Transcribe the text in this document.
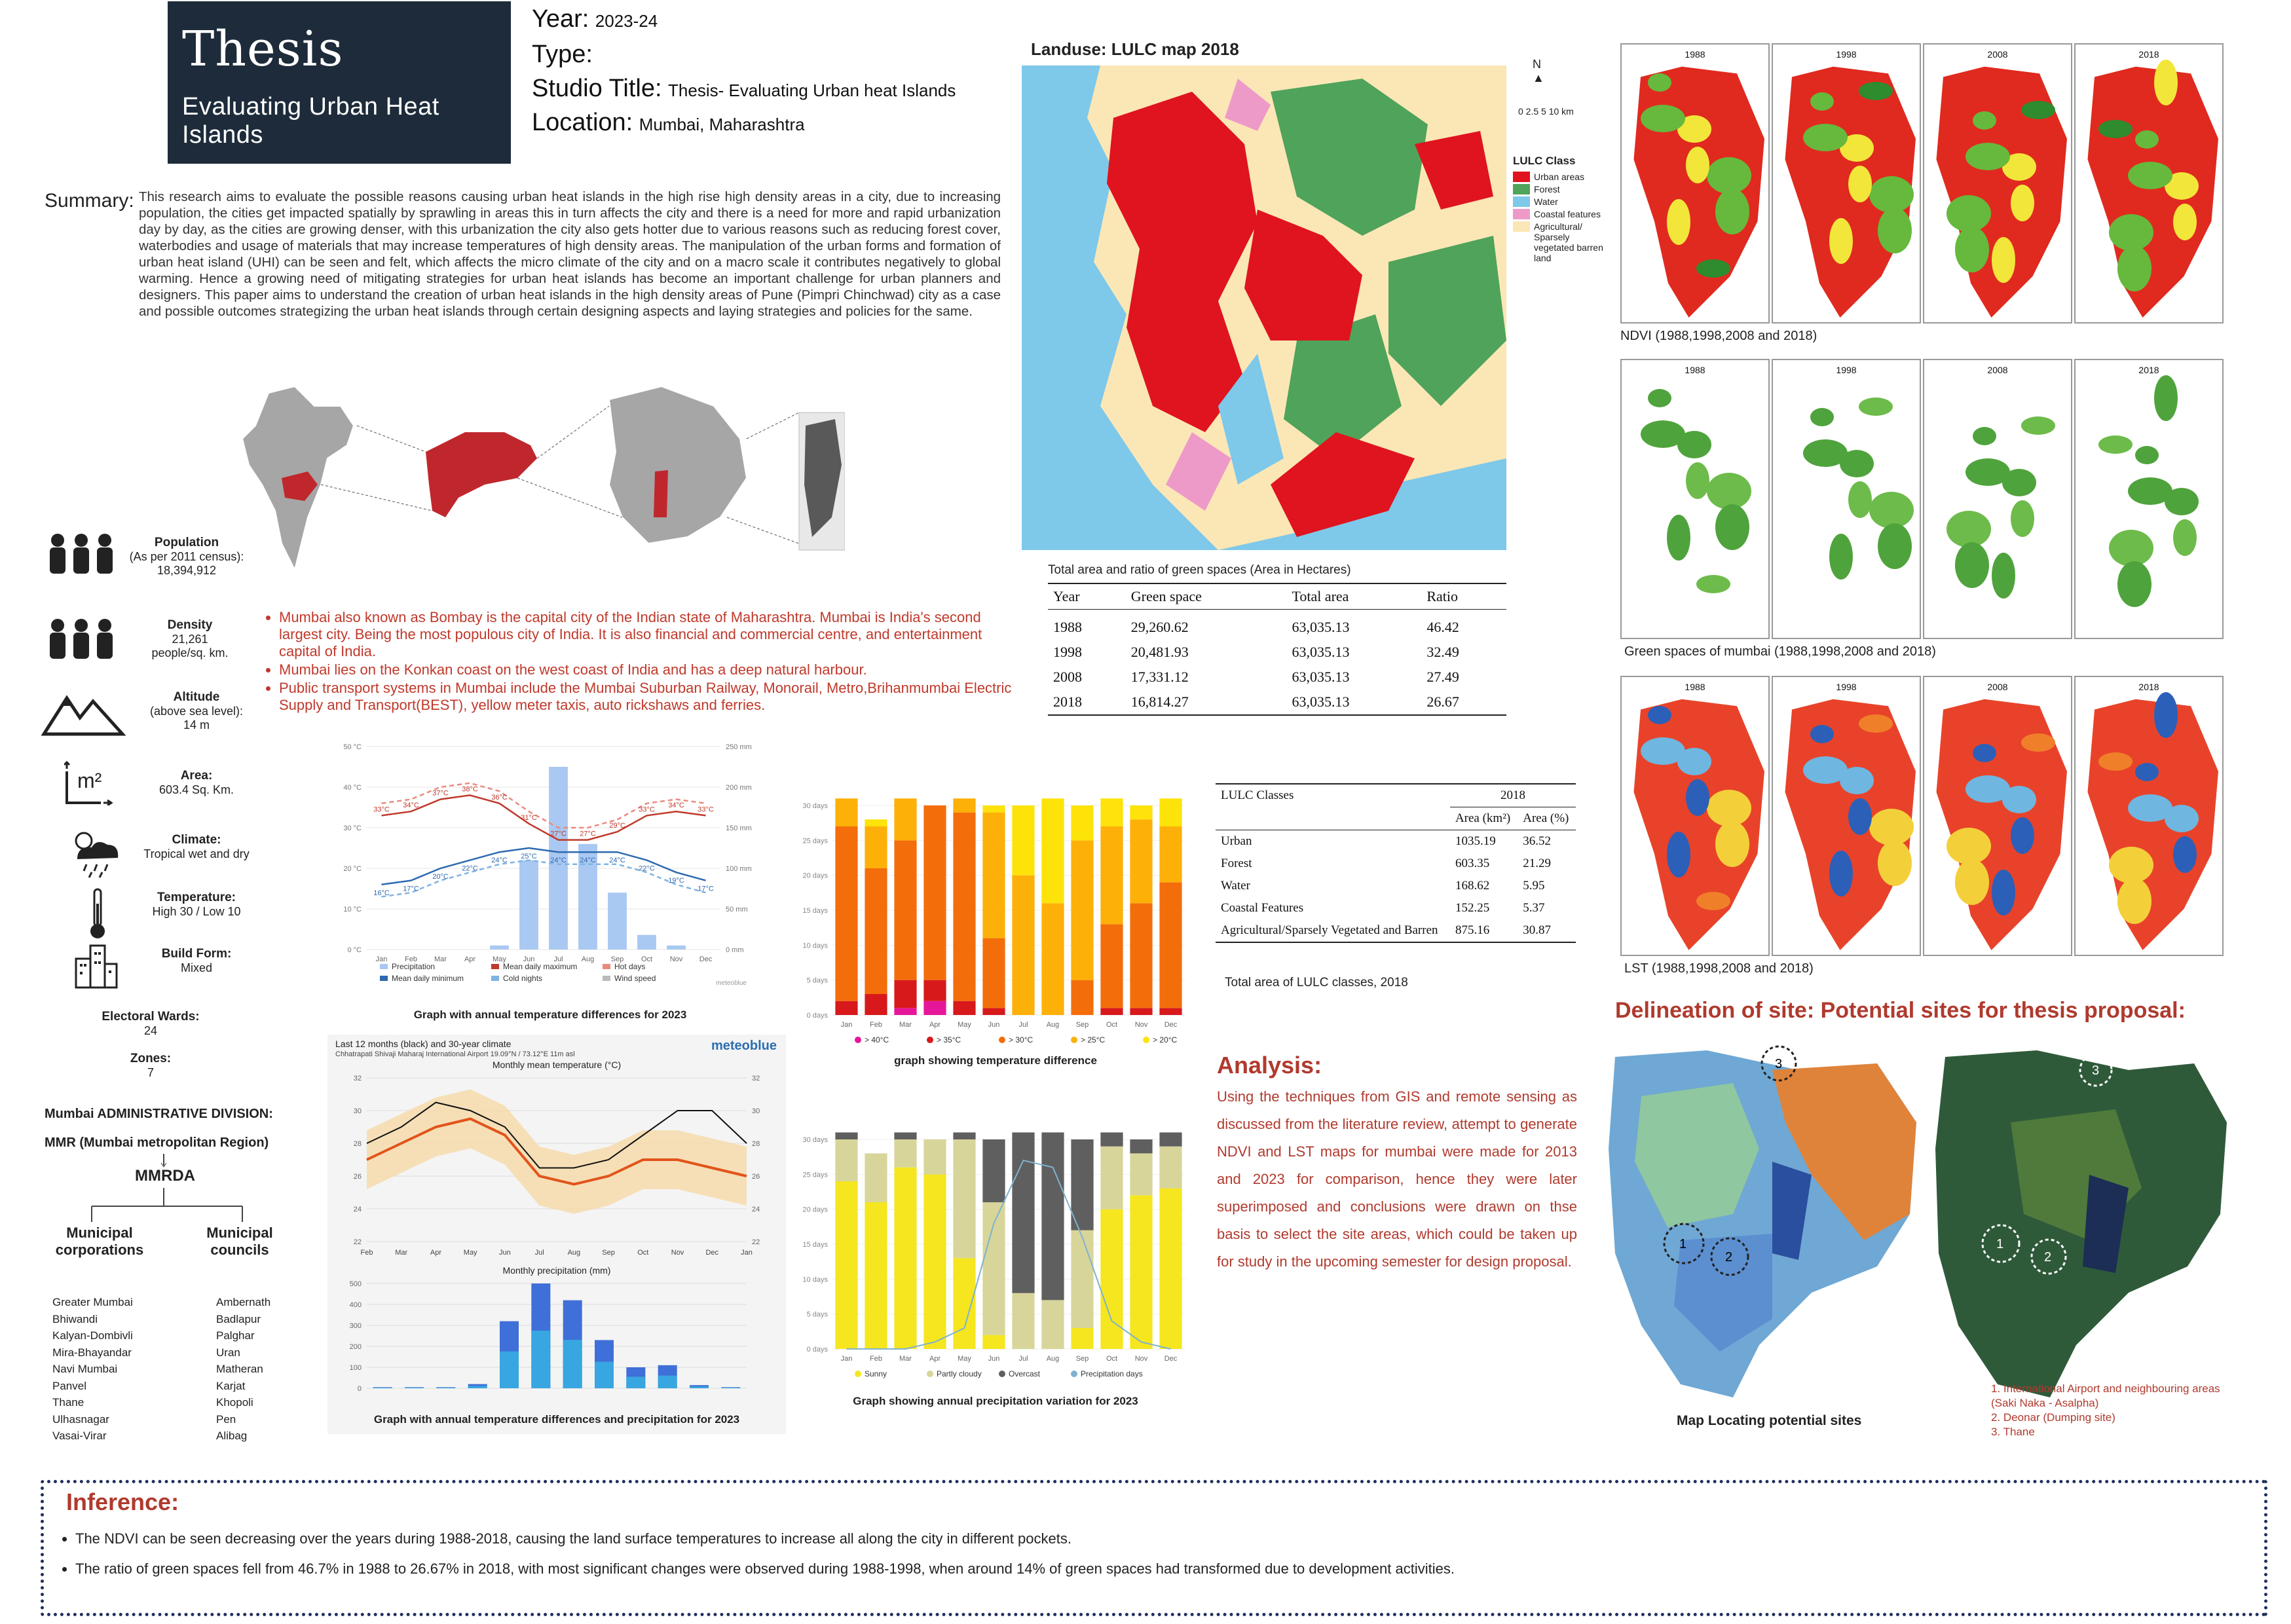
Thesis
Evaluating Urban Heat Islands
Year: 2023-24
Type:
Studio Title: Thesis- Evaluating Urban heat Islands
Location: Mumbai, Maharashtra
Summary: This research aims to evaluate the possible reasons causing urban heat islands in the high rise high density areas in a city, due to increasing population, the cities get impacted spatially by sprawling in areas this in turn affects the city and there is a need for more and rapid urbanization day by day, as the cities are growing denser, with this urbanization the city also gets hotter due to various reasons such as reducing forest cover, waterbodies and usage of materials that may increase temperatures of high density areas. The manipulation of the urban forms and formation of urban heat island (UHI) can be seen and felt, which affects the micro climate of the city and on a macro scale it contributes negatively to global warming. Hence a growing need of mitigating strategies for urban heat islands has become an important challenge for urban planners and designers. This paper aims to understand the creation of urban heat islands in the high density areas of Pune (Pimpri Chinchwad) city as a case and possible outcomes strategizing the urban heat islands through certain designing aspects and laying strategies and policies for the same.
Population
(As per 2011 census):
18,394,912
Density
21,261
people/sq. km.
Altitude
(above sea level):
14 m
m²	Area:
603.4 Sq. Km.
Climate:
Tropical wet and dry
Temperature:
High 30 / Low 10
Build Form:
Mixed
Electoral Wards:
24
Zones:
7
Mumbai ADMINISTRATIVE DIVISION:
MMR (Mumbai metropolitan Region)
MMRDA
Municipal corporations
Municipal councils
Greater Mumbai
Bhiwandi
Kalyan-Dombivli
Mira-Bhayandar
Navi Mumbai
Panvel
Thane
Ulhasnagar
Vasai-Virar
Ambernath
Badlapur
Palghar
Uran
Matheran
Karjat
Khopoli
Pen
Alibag
• Mumbai also known as Bombay is the capital city of the Indian state of Maharashtra. Mumbai is India's second largest city. Being the most populous city of India. It is also financial and commercial centre, and entertainment capital of India.
• Mumbai lies on the Konkan coast on the west coast of India and has a deep natural harbour.
• Public transport systems in Mumbai include the Mumbai Suburban Railway, Monorail, Metro,Brihanmumbai Electric Supply and Transport(BEST), yellow meter taxis, auto rickshaws and ferries.
0 °C	0 mm
10 °C	50 mm
20 °C	100 mm
30 °C	150 mm
40 °C	200 mm
50 °C	250 mm
Jan Feb Mar Apr May Jun	Jul	Aug Sep Oct Nov Dec
33°C
34°C
37°C
38°C
36°C
31°C
27°C 27°C
29°C
33°C
34°C
33°C
16°C
17°C
20°C
22°C
24°C
25°C
24°C 24°C 24°C
22°C
19°C
17°C
Precipitation	Mean daily maximum	Hot days
Mean daily minimum	Cold nights	Wind speed
meteoblue
Graph with annual temperature differences for 2023	0 days
5 days
10 days
15 days
20 days
25 days
30 days
Jan Feb Mar Apr May Jun	Jul	Aug Sep Oct Nov Dec
> 40°C	> 35°C	> 30°C	> 25°C	> 20°C
graph showing temperature difference
Last 12 months (black) and 30-year climate
Chhatrapati Shivaji Maharaj International Airport 19.09°N / 73.12°E 11m asl
meteoblue
Monthly mean temperature (°C)
22	22
24	24
26	26
28	28
30	30
32	32
Feb	Mar	Apr	May	Jun	Jul	Aug	Sep	Oct	Nov	Dec	Jan
Monthly precipitation (mm)
0
100
200
300
400
500
Graph with annual temperature differences and precipitation for 2023
0 days
5 days
10 days
15 days
20 days
25 days
30 days
Jan Feb Mar Apr May Jun	Jul	Aug Sep Oct Nov Dec
Sunny	Partly cloudy	Overcast	Precipitation days
Graph showing annual precipitation variation for 2023
Landuse: LULC map 2018
N
▲
0 2.5 5 10 km
LULC Class
Urban areas
Forest
Water
Coastal features
Agricultural/ Sparsely vegetated barren land
Total area and ratio of green spaces (Area in Hectares)
Year	Green space	Total area	Ratio

1988	29,260.62	63,035.13	46.42
1998	20,481.93	63,035.13	32.49
2008	17,331.12	63,035.13	27.49
2018	16,814.27	63,035.13	26.67
LULC Classes	2018	
	Area (km²)	Area (%)
Urban	1035.19	36.52
Forest	603.35	21.29
Water	168.62	5.95
Coastal Features	152.25	5.37
Agricultural/Sparsely Vegetated and Barren	875.16	30.87
Total area of LULC classes, 2018
Analysis:
Using the techniques from GIS and remote sensing as discussed from the literature review, attempt to generate NDVI and LST maps for mumbai were made for 2013 and 2023 for comparison, hence they were later superimposed and conclusions were drawn on thse basis to select the site areas, which could be taken up for study in the upcoming semester for design proposal.
1988	1998	2008	2018
NDVI (1988,1998,2008 and 2018)
1988	1998	2008	2018
Green spaces of mumbai (1988,1998,2008 and 2018)
1988	1998	2008	2018
LST (1988,1998,2008 and 2018)
Delineation of site: Potential sites for thesis proposal:
3
1
2
3
1
2
Map Locating potential sites
1. International Airport and neighbouring areas (Saki Naka - Asalpha)
2. Deonar (Dumping site)
3. Thane
Inference:
• The NDVI can be seen decreasing over the years during 1988-2018, causing the land surface temperatures to increase all along the city in different pockets.
• The ratio of green spaces fell from 46.7% in 1988 to 26.67% in 2018, with most significant changes were observed during 1988-1998, when around 14% of green spaces had transformed due to development activities.
